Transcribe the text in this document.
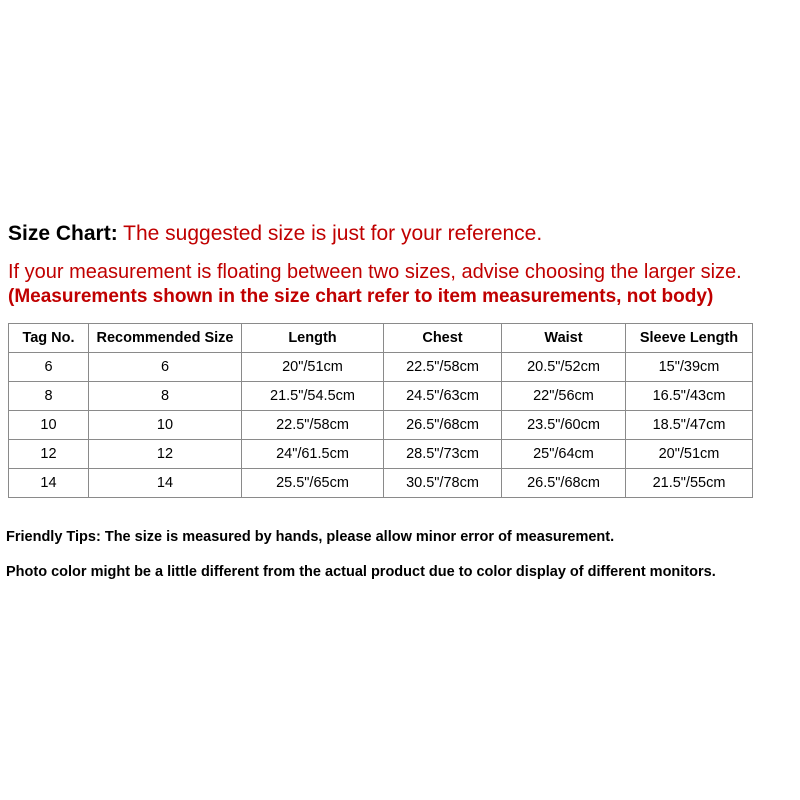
Size Chart: The suggested size is just for your reference.
If your measurement is floating between two sizes, advise choosing the larger size.
(Measurements shown in the size chart refer to item measurements, not body)
Tag No.	Recommended Size	Length	Chest	Waist	Sleeve Length
6	6	20"/51cm	22.5"/58cm	20.5"/52cm	15"/39cm
8	8	21.5"/54.5cm	24.5"/63cm	22"/56cm	16.5"/43cm
10	10	22.5"/58cm	26.5"/68cm	23.5"/60cm	18.5"/47cm
12	12	24"/61.5cm	28.5"/73cm	25"/64cm	20"/51cm
14	14	25.5"/65cm	30.5"/78cm	26.5"/68cm	21.5"/55cm
Friendly Tips: The size is measured by hands, please allow minor error of measurement.
Photo color might be a little different from the actual product due to color display of different monitors.
